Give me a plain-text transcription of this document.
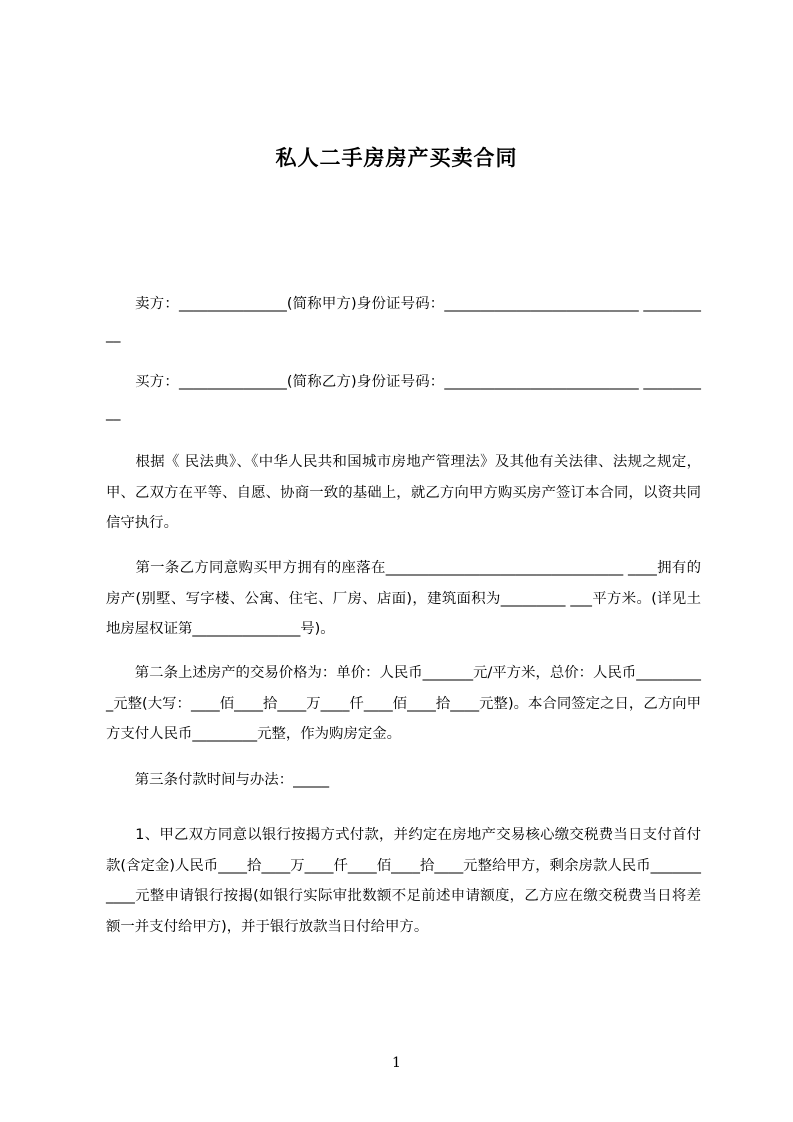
私人二手房房产买卖合同

　　卖方：_______________(简称甲方)身份证号码：___________________________ __________

　　买方：_______________(简称乙方)身份证号码：___________________________ __________

　　根据《 民法典》、《中华人民共和国城市房地产管理法》及其他有关法律、法规之规定，甲、乙双方在平等、自愿、协商一致的基础上，就乙方向甲方购买房产签订本合同，以资共同信守执行。

　　第一条乙方同意购买甲方拥有的座落在_________________________________ ____拥有的房产(别墅、写字楼、公寓、住宅、厂房、店面)，建筑面积为_________ ___平方米。(详见土地房屋权证第_______________号)。

　　第二条上述房产的交易价格为：单价：人民币_______元/平方米，总价：人民币__________元整(大写：____佰____拾____万____仟____佰____拾____元整)。本合同签定之日，乙方向甲方支付人民币_________元整，作为购房定金。

　　第三条付款时间与办法：_____

　　1、甲乙双方同意以银行按揭方式付款，并约定在房地产交易核心缴交税费当日支付首付款(含定金)人民币____拾____万____仟____佰____拾____元整给甲方，剩余房款人民币___________元整申请银行按揭(如银行实际审批数额不足前述申请额度，乙方应在缴交税费当日将差额一并支付给甲方)，并于银行放款当日付给甲方。

1
